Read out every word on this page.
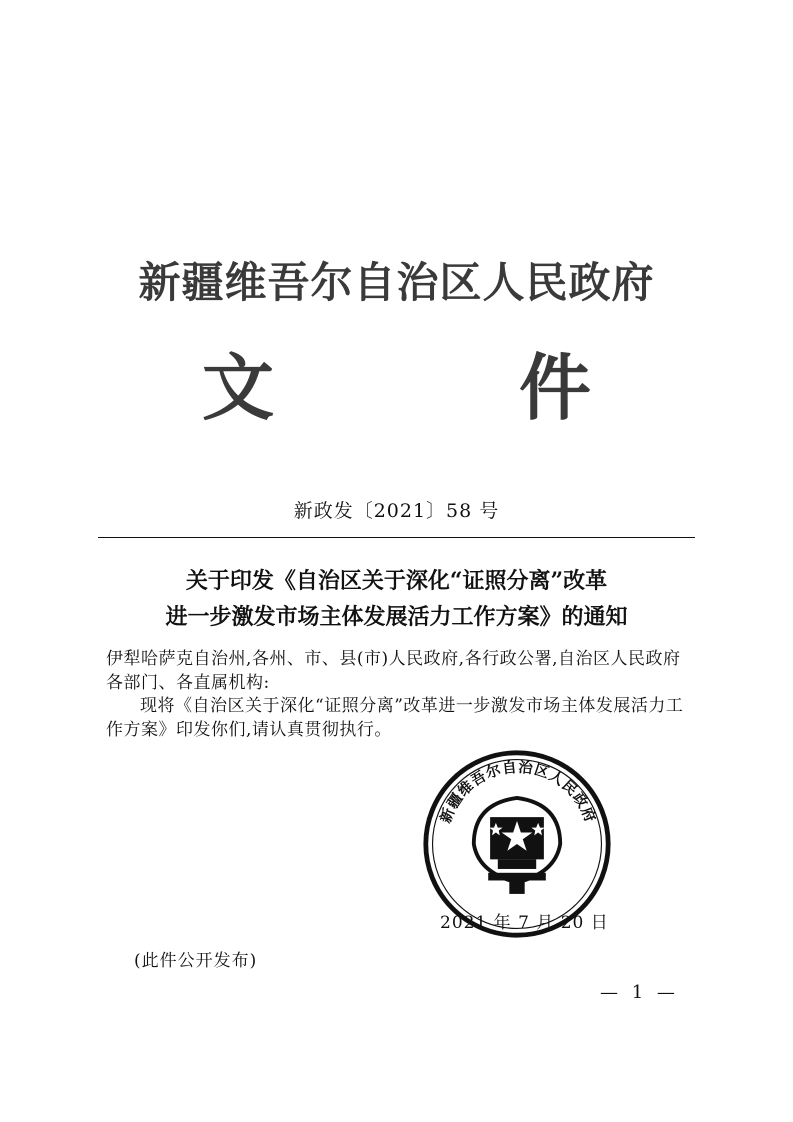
新疆维吾尔自治区人民政府
文 件
新政发〔2021〕58 号
关于印发《自治区关于深化“证照分离”改革
进一步激发市场主体发展活力工作方案》的通知

伊犁哈萨克自治州,各州、市、县(市)人民政府,各行政公署,自治区人民政府各部门、各直属机构:

现将《自治区关于深化“证照分离”改革进一步激发市场主体发展活力工作方案》印发你们,请认真贯彻执行。

新疆维吾尔自治区人民政府
2021 年 7 月 20 日
(此件公开发布)
— 1 —
